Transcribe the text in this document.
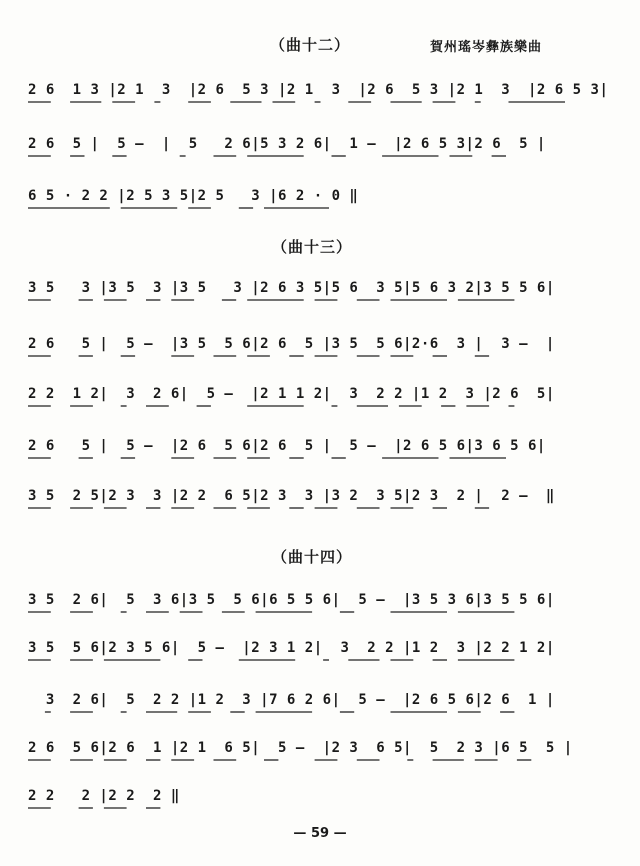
（曲十二）	賀州瑤岑彝族樂曲
2 6  1 3 |2 1  3  |2 6  5 3 |2 1  3  |2 6  5 3 |2 1  3  |2 6 5 3|
2 6  5 |  5 —  |  5   2 6|5 3 2 6|  1 —  |2 6 5 3|2 6  5 |
6 5 · 2 2 |2 5 3 5|2 5   3 |6 2 · 0 ‖
（曲十三）
3 5   3 |3 5  3 |3 5   3 |2 6 3 5|5 6  3 5|5 6 3 2|3 5 5 6|
2 6   5 |  5 —  |3 5  5 6|2 6  5 |3 5  5 6|2·6  3 |  3 —  |
2 2  1 2|  3  2 6|  5 —  |2 1 1 2|  3  2 2 |1 2  3 |2 6  5|
2 6   5 |  5 —  |2 6  5 6|2 6  5 |  5 —  |2 6 5 6|3 6 5 6|
3 5  2 5|2 3  3 |2 2  6 5|2 3  3 |3 2  3 5|2 3  2 |  2 —  ‖
（曲十四）
3 5  2 6|  5  3 6|3 5  5 6|6 5 5 6|  5 —  |3 5 3 6|3 5 5 6|
3 5  5 6|2 3 5 6|  5 —  |2 3 1 2|  3  2 2 |1 2  3 |2 2 1 2|
3  2 6|  5  2 2 |1 2  3 |7 6 2 6|  5 —  |2 6 5 6|2 6  1 |
2 6  5 6|2 6  1 |2 1  6 5|  5 —  |2 3  6 5|  5  2 3 |6 5  5 |
2 2   2 |2 2  2 ‖
— 59 —
